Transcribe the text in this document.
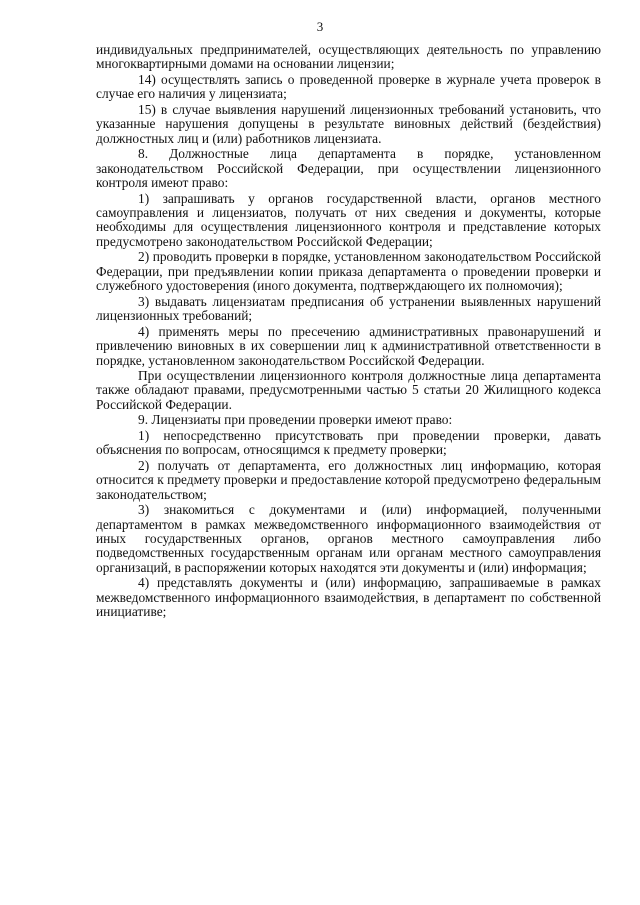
3

индивидуальных предпринимателей, осуществляющих деятельность по управлению многоквартирными домами на основании лицензии;

14) осуществлять запись о проведенной проверке в журнале учета проверок в случае его наличия у лицензиата;

15) в случае выявления нарушений лицензионных требований установить, что указанные нарушения допущены в результате виновных действий (бездействия) должностных лиц и (или) работников лицензиата.

8. Должностные лица департамента в порядке, установленном законодательством Российской Федерации, при осуществлении лицензионного контроля имеют право:

1) запрашивать у органов государственной власти, органов местного самоуправления и лицензиатов, получать от них сведения и документы, которые необходимы для осуществления лицензионного контроля и представление которых предусмотрено законодательством Российской Федерации;

2) проводить проверки в порядке, установленном законодательством Российской Федерации, при предъявлении копии приказа департамента о проведении проверки и служебного удостоверения (иного документа, подтверждающего их полномочия);

3) выдавать лицензиатам предписания об устранении выявленных нарушений лицензионных требований;

4) применять меры по пресечению административных правонарушений и привлечению виновных в их совершении лиц к административной ответственности в порядке, установленном законодательством Российской Федерации.

При осуществлении лицензионного контроля должностные лица департамента также обладают правами, предусмотренными частью 5 статьи 20 Жилищного кодекса Российской Федерации.

9. Лицензиаты при проведении проверки имеют право:

1) непосредственно присутствовать при проведении проверки, давать объяснения по вопросам, относящимся к предмету проверки;

2) получать от департамента, его должностных лиц информацию, которая относится к предмету проверки и предоставление которой предусмотрено федеральным законодательством;

3) знакомиться с документами и (или) информацией, полученными департаментом в рамках межведомственного информационного взаимодействия от иных государственных органов, органов местного самоуправления либо подведомственных государственным органам или органам местного самоуправления организаций, в распоряжении которых находятся эти документы и (или) информация;

4) представлять документы и (или) информацию, запрашиваемые в рамках межведомственного информационного взаимодействия, в департамент по собственной инициативе;
